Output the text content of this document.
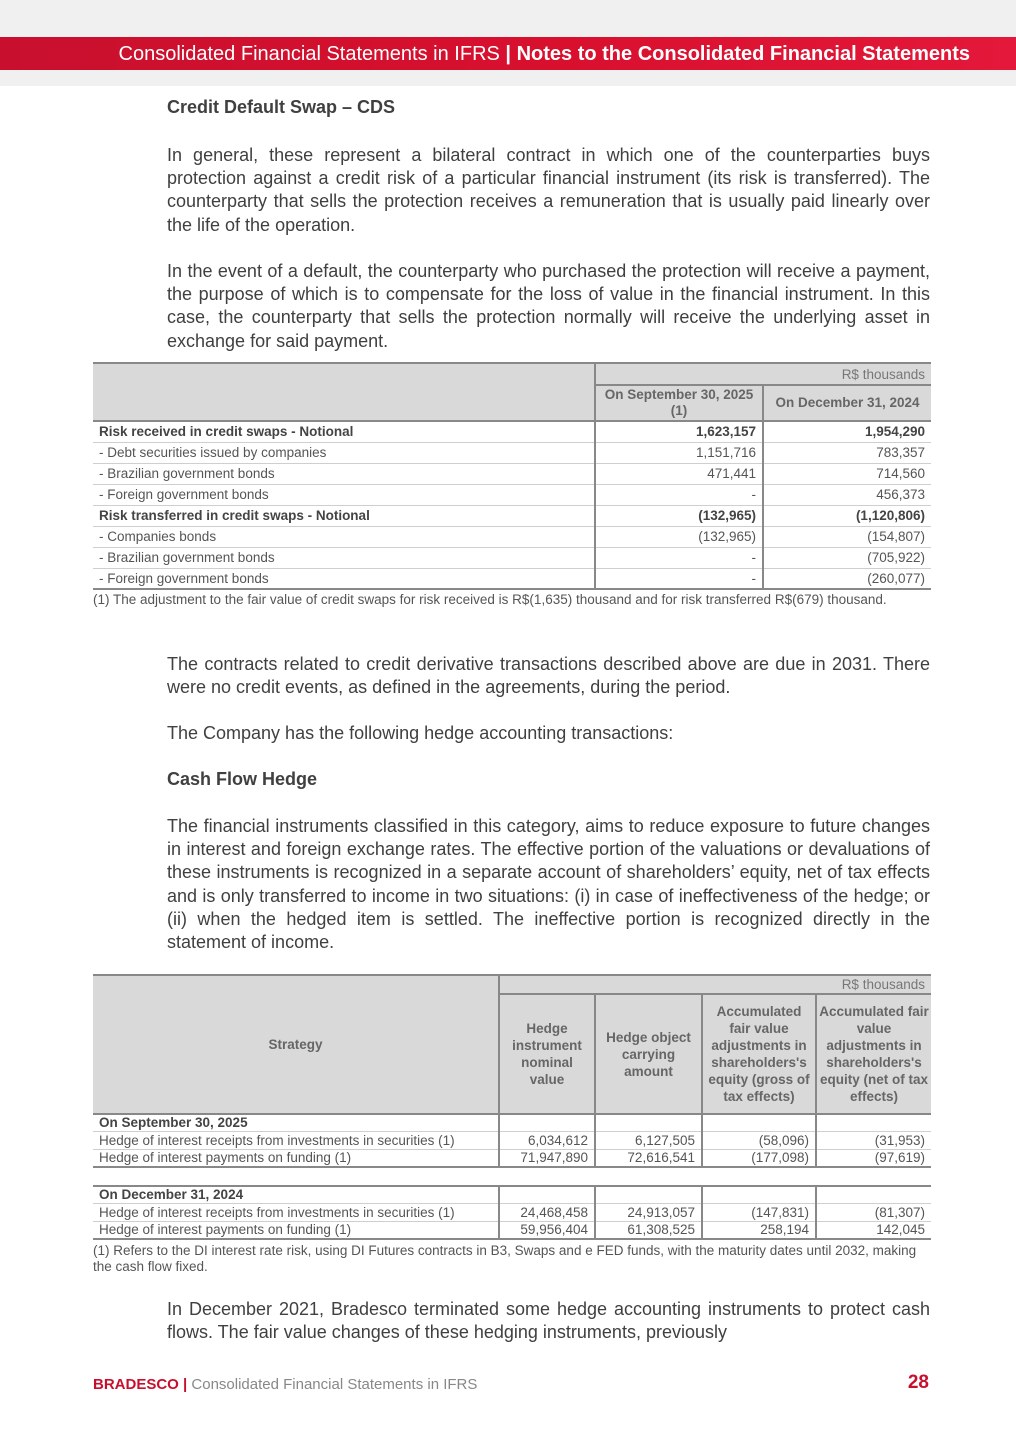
Consolidated Financial Statements in IFRS | Notes to the Consolidated Financial Statements
Credit Default Swap – CDS

In general, these represent a bilateral contract in which one of the counterparties buys protection against a credit risk of a particular financial instrument (its risk is transferred). The counterparty that sells the protection receives a remuneration that is usually paid linearly over the life of the operation.

In the event of a default, the counterparty who purchased the protection will receive a payment, the purpose of which is to compensate for the loss of value in the financial instrument. In this case, the counterparty that sells the protection normally will receive the underlying asset in exchange for said payment.

	R$ thousands	
	On September 30, 2025 (1)	On December 31, 2024
Risk received in credit swaps - Notional	1,623,157	1,954,290
- Debt securities issued by companies	1,151,716	783,357
- Brazilian government bonds	471,441	714,560
- Foreign government bonds	-	456,373
Risk transferred in credit swaps - Notional	(132,965)	(1,120,806)
- Companies bonds	(132,965)	(154,807)
- Brazilian government bonds	-	(705,922)
- Foreign government bonds	-	(260,077)

(1) The adjustment to the fair value of credit swaps for risk received is R$(1,635) thousand and for risk transferred R$(679) thousand.

The contracts related to credit derivative transactions described above are due in 2031. There were no credit events, as defined in the agreements, during the period.

The Company has the following hedge accounting transactions:

Cash Flow Hedge

The financial instruments classified in this category, aims to reduce exposure to future changes in interest and foreign exchange rates. The effective portion of the valuations or devaluations of these instruments is recognized in a separate account of shareholders’ equity, net of tax effects and is only transferred to income in two situations: (i) in case of ineffectiveness of the hedge; or (ii) when the hedged item is settled. The ineffective portion is recognized directly in the statement of income.

Strategy	R$ thousands			
	Hedge instrument nominal value	Hedge object carrying amount	Accumulated fair value adjustments in shareholders's equity (gross of tax effects)	Accumulated fair value adjustments in shareholders's equity (net of tax effects)
On September 30, 2025				
Hedge of interest receipts from investments in securities (1)	6,034,612	6,127,505	(58,096)	(31,953)
Hedge of interest payments on funding (1)	71,947,890	72,616,541	(177,098)	(97,619)

On December 31, 2024				
Hedge of interest receipts from investments in securities (1)	24,468,458	24,913,057	(147,831)	(81,307)
Hedge of interest payments on funding (1)	59,956,404	61,308,525	258,194	142,045

(1) Refers to the DI interest rate risk, using DI Futures contracts in B3, Swaps and e FED funds, with the maturity dates until 2032, making the cash flow fixed.

In December 2021, Bradesco terminated some hedge accounting instruments to protect cash flows. The fair value changes of these hedging instruments, previously

BRADESCO | Consolidated Financial Statements in IFRS	28
